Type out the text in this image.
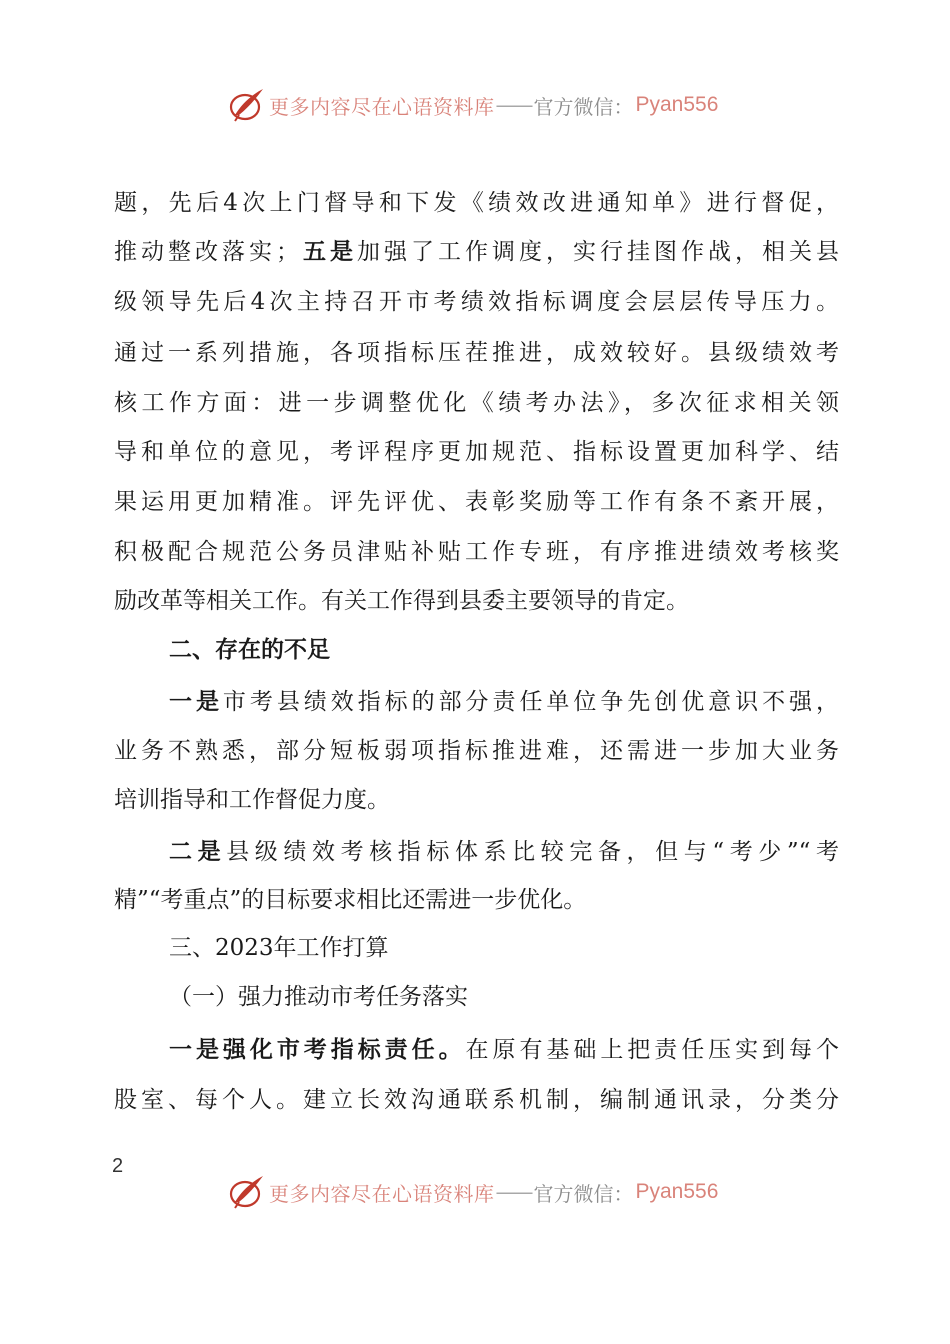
更多内容尽在心语资料库 —— 官方微信： Pyan556
题，先后4次上门督导和下发《绩效改进通知单》进行督促，
推动整改落实；五是加强了工作调度，实行挂图作战，相关县
级领导先后4次主持召开市考绩效指标调度会层层传导压力。
通过一系列措施，各项指标压茬推进，成效较好。县级绩效考
核工作方面：进一步调整优化《绩考办法》，多次征求相关领
导和单位的意见，考评程序更加规范、指标设置更加科学、结
果运用更加精准。评先评优、表彰奖励等工作有条不紊开展，
积极配合规范公务员津贴补贴工作专班，有序推进绩效考核奖
励改革等相关工作。有关工作得到县委主要领导的肯定。
二、存在的不足
一是市考县绩效指标的部分责任单位争先创优意识不强，
业务不熟悉，部分短板弱项指标推进难，还需进一步加大业务
培训指导和工作督促力度。
二是县级绩效考核指标体系比较完备，但与“考少”“考
精”“考重点”的目标要求相比还需进一步优化。
三、2023年工作打算
（一）强力推动市考任务落实
一是强化市考指标责任。在原有基础上把责任压实到每个
股室、每个人。建立长效沟通联系机制，编制通讯录，分类分
2
更多内容尽在心语资料库 —— 官方微信： Pyan556
